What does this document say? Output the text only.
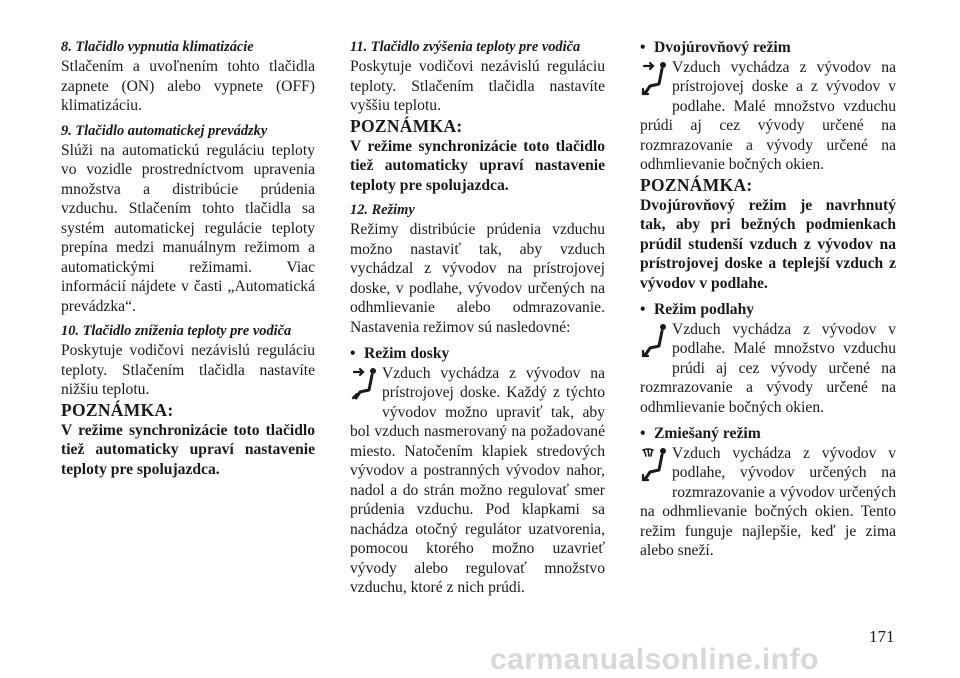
8. Tlačidlo vypnutia klimatizácie

Stlačením a uvoľnením tohto tlačidla zapnete (ON) alebo vypnete (OFF) klimatizáciu.

9. Tlačidlo automatickej prevádzky

Slúži na automatickú reguláciu teploty vo vozidle prostredníctvom upravenia množstva a distribúcie prúdenia vzduchu. Stlačením tohto tlačidla sa systém automatickej regulácie teploty prepína medzi manuálnym režimom a automatickými režimami. Viac informácií nájdete v časti „Automatická prevádzka“.

10. Tlačidlo zníženia teploty pre vodiča

Poskytuje vodičovi nezávislú reguláciu teploty. Stlačením tlačidla nastavíte nižšiu teplotu.

POZNÁMKA:

V režime synchronizácie toto tlačidlo tiež automaticky upraví nastavenie teploty pre spolujazdca.

11. Tlačidlo zvýšenia teploty pre vodiča

Poskytuje vodičovi nezávislú reguláciu teploty. Stlačením tlačidla nastavíte vyššiu teplotu.

POZNÁMKA:

V režime synchronizácie toto tlačidlo tiež automaticky upraví nastavenie teploty pre spolujazdca.

12. Režimy

Režimy distribúcie prúdenia vzduchu možno nastaviť tak, aby vzduch vychádzal z vývodov na prístrojovej doske, v podlahe, vývodov určených na odhmlievanie alebo odmrazovanie. Nastavenia režimov sú nasledovné:

• Režim dosky

Vzduch vychádza z vývodov na prístrojovej doske. Každý z týchto vývodov možno upraviť tak, aby bol vzduch nasmerovaný na požadované miesto. Natočením klapiek stredových vývodov a postranných vývodov nahor, nadol a do strán možno regulovať smer prúdenia vzduchu. Pod klapkami sa nachádza otočný regulátor uzatvorenia, pomocou ktorého možno uzavrieť vývody alebo regulovať množstvo vzduchu, ktoré z nich prúdi.

• Dvojúrovňový režim

Vzduch vychádza z vývodov na prístrojovej doske a z vývodov v podlahe. Malé množstvo vzduchu prúdi aj cez vývody určené na rozmrazovanie a vývody určené na odhmlievanie bočných okien.

POZNÁMKA:

Dvojúrovňový režim je navrhnutý tak, aby pri bežných podmienkach prúdil studenší vzduch z vývodov na prístrojovej doske a teplejší vzduch z vývodov v podlahe.

• Režim podlahy

Vzduch vychádza z vývodov v podlahe. Malé množstvo vzduchu prúdi aj cez vývody určené na rozmrazovanie a vývody určené na odhmlievanie bočných okien.

• Zmiešaný režim

Vzduch vychádza z vývodov v podlahe, vývodov určených na rozmrazovanie a vývodov určených na odhmlievanie bočných okien. Tento režim funguje najlepšie, keď je zima alebo sneží.

171
carmanualsonline.info
